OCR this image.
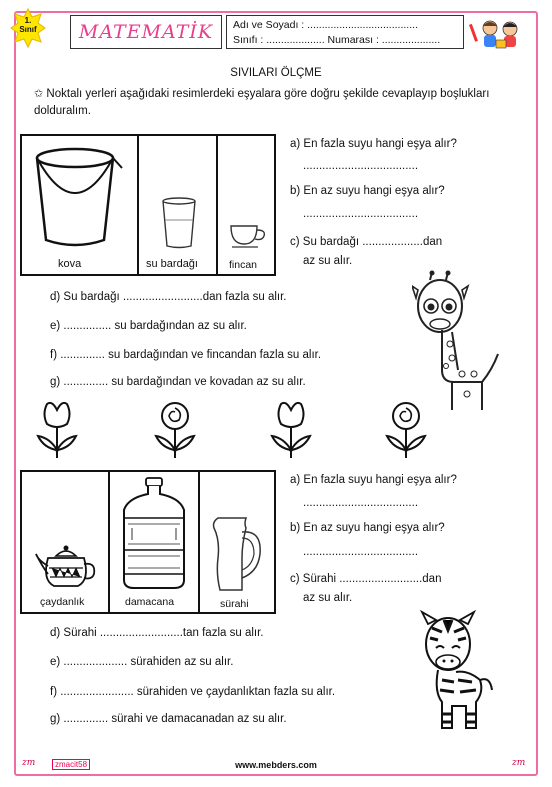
1.
Sınıf	MATEMATİK	Adı ve Soyadı : ......................................
Sınıfı : .................... Numarası : ....................
SIVILARI ÖLÇME
✩ Noktalı yerleri aşağıdaki resimlerdeki eşyalara göre doğru şekilde cevaplayıp boşlukları dolduralım.
kova	su bardağı	fincan
a) En fazla suyu hangi eşya alır?
....................................
b) En az suyu hangi eşya alır?
....................................
c) Su bardağı ...................dan
az su alır.
d) Su bardağı .........................dan fazla su alır.
e) ............... su bardağından az su alır.
f) .............. su bardağından ve fincandan fazla su alır.
g) .............. su bardağından ve kovadan az su alır.
çaydanlık	damacana	sürahi
a) En fazla suyu hangi eşya alır?
....................................
b) En az suyu hangi eşya alır?
....................................
c) Sürahi ..........................dan
az su alır.
d) Sürahi ..........................tan fazla su alır.
e) .................... sürahiden az su alır.
f) ....................... sürahiden ve çaydanlıktan fazla su alır.
g) .............. sürahi ve damacanadan az su alır.
zmacit58	www.mebders.com
zm	zm
